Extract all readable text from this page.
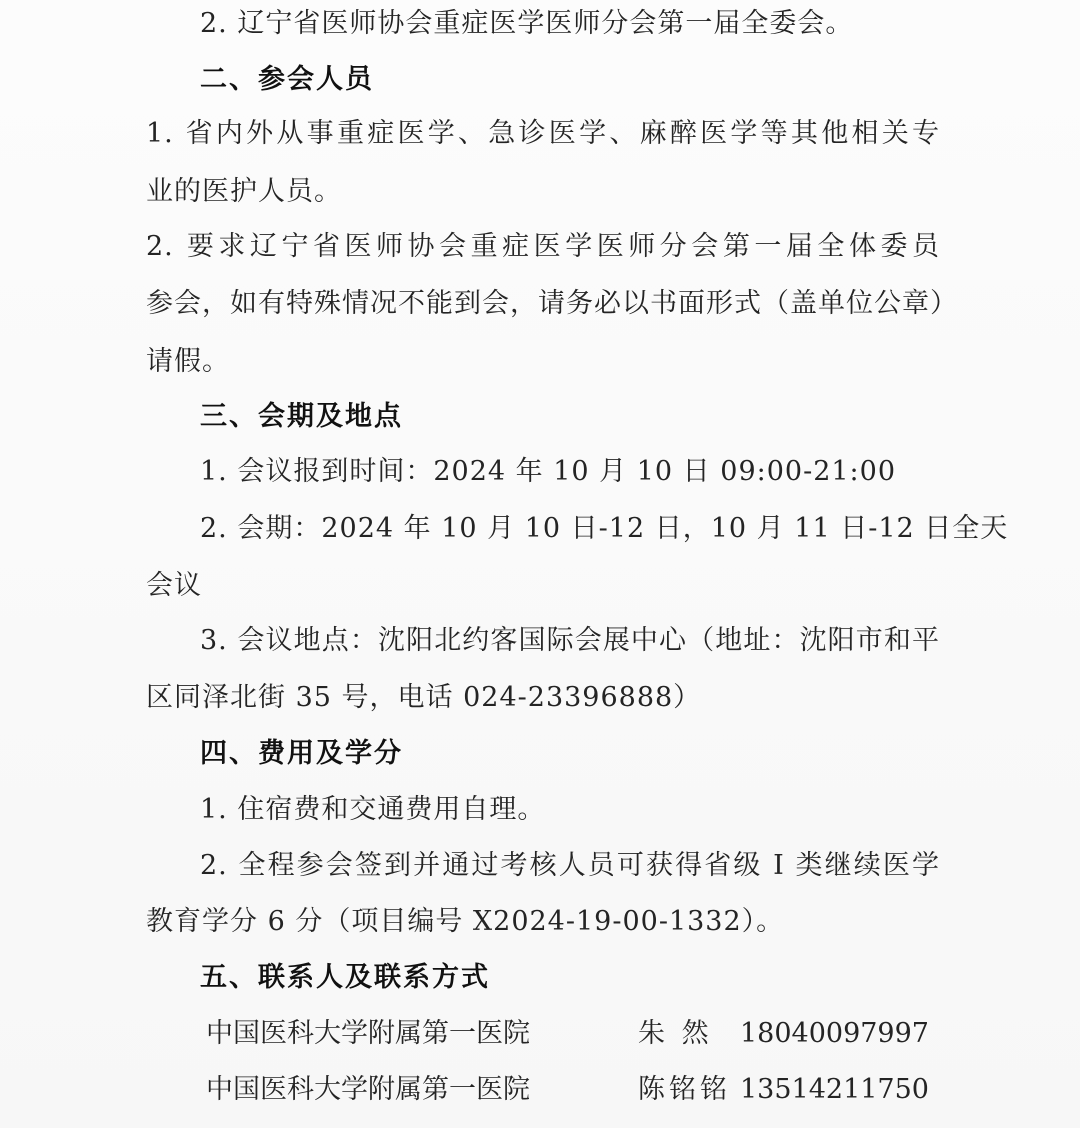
2. 辽宁省医师协会重症医学医师分会第一届全委会。
二、参会人员
1. 省内外从事重症医学、急诊医学、麻醉医学等其他相关专
业的医护人员。
2. 要求辽宁省医师协会重症医学医师分会第一届全体委员
参会，如有特殊情况不能到会，请务必以书面形式（盖单位公章）
请假。
三、会期及地点
1. 会议报到时间：2024 年 10 月 10 日 09:00-21:00
2. 会期：2024 年 10 月 10 日-12 日，10 月 11 日-12 日全天
会议
3. 会议地点：沈阳北约客国际会展中心（地址：沈阳市和平
区同泽北街 35 号，电话 024-23396888）
四、费用及学分
1. 住宿费和交通费用自理。
2. 全程参会签到并通过考核人员可获得省级 I 类继续医学
教育学分 6 分（项目编号 X2024-19-00-1332）。
五、联系人及联系方式
中国医科大学附属第一医院	朱 然 18040097997
中国医科大学附属第一医院	陈铭铭 13514211750
